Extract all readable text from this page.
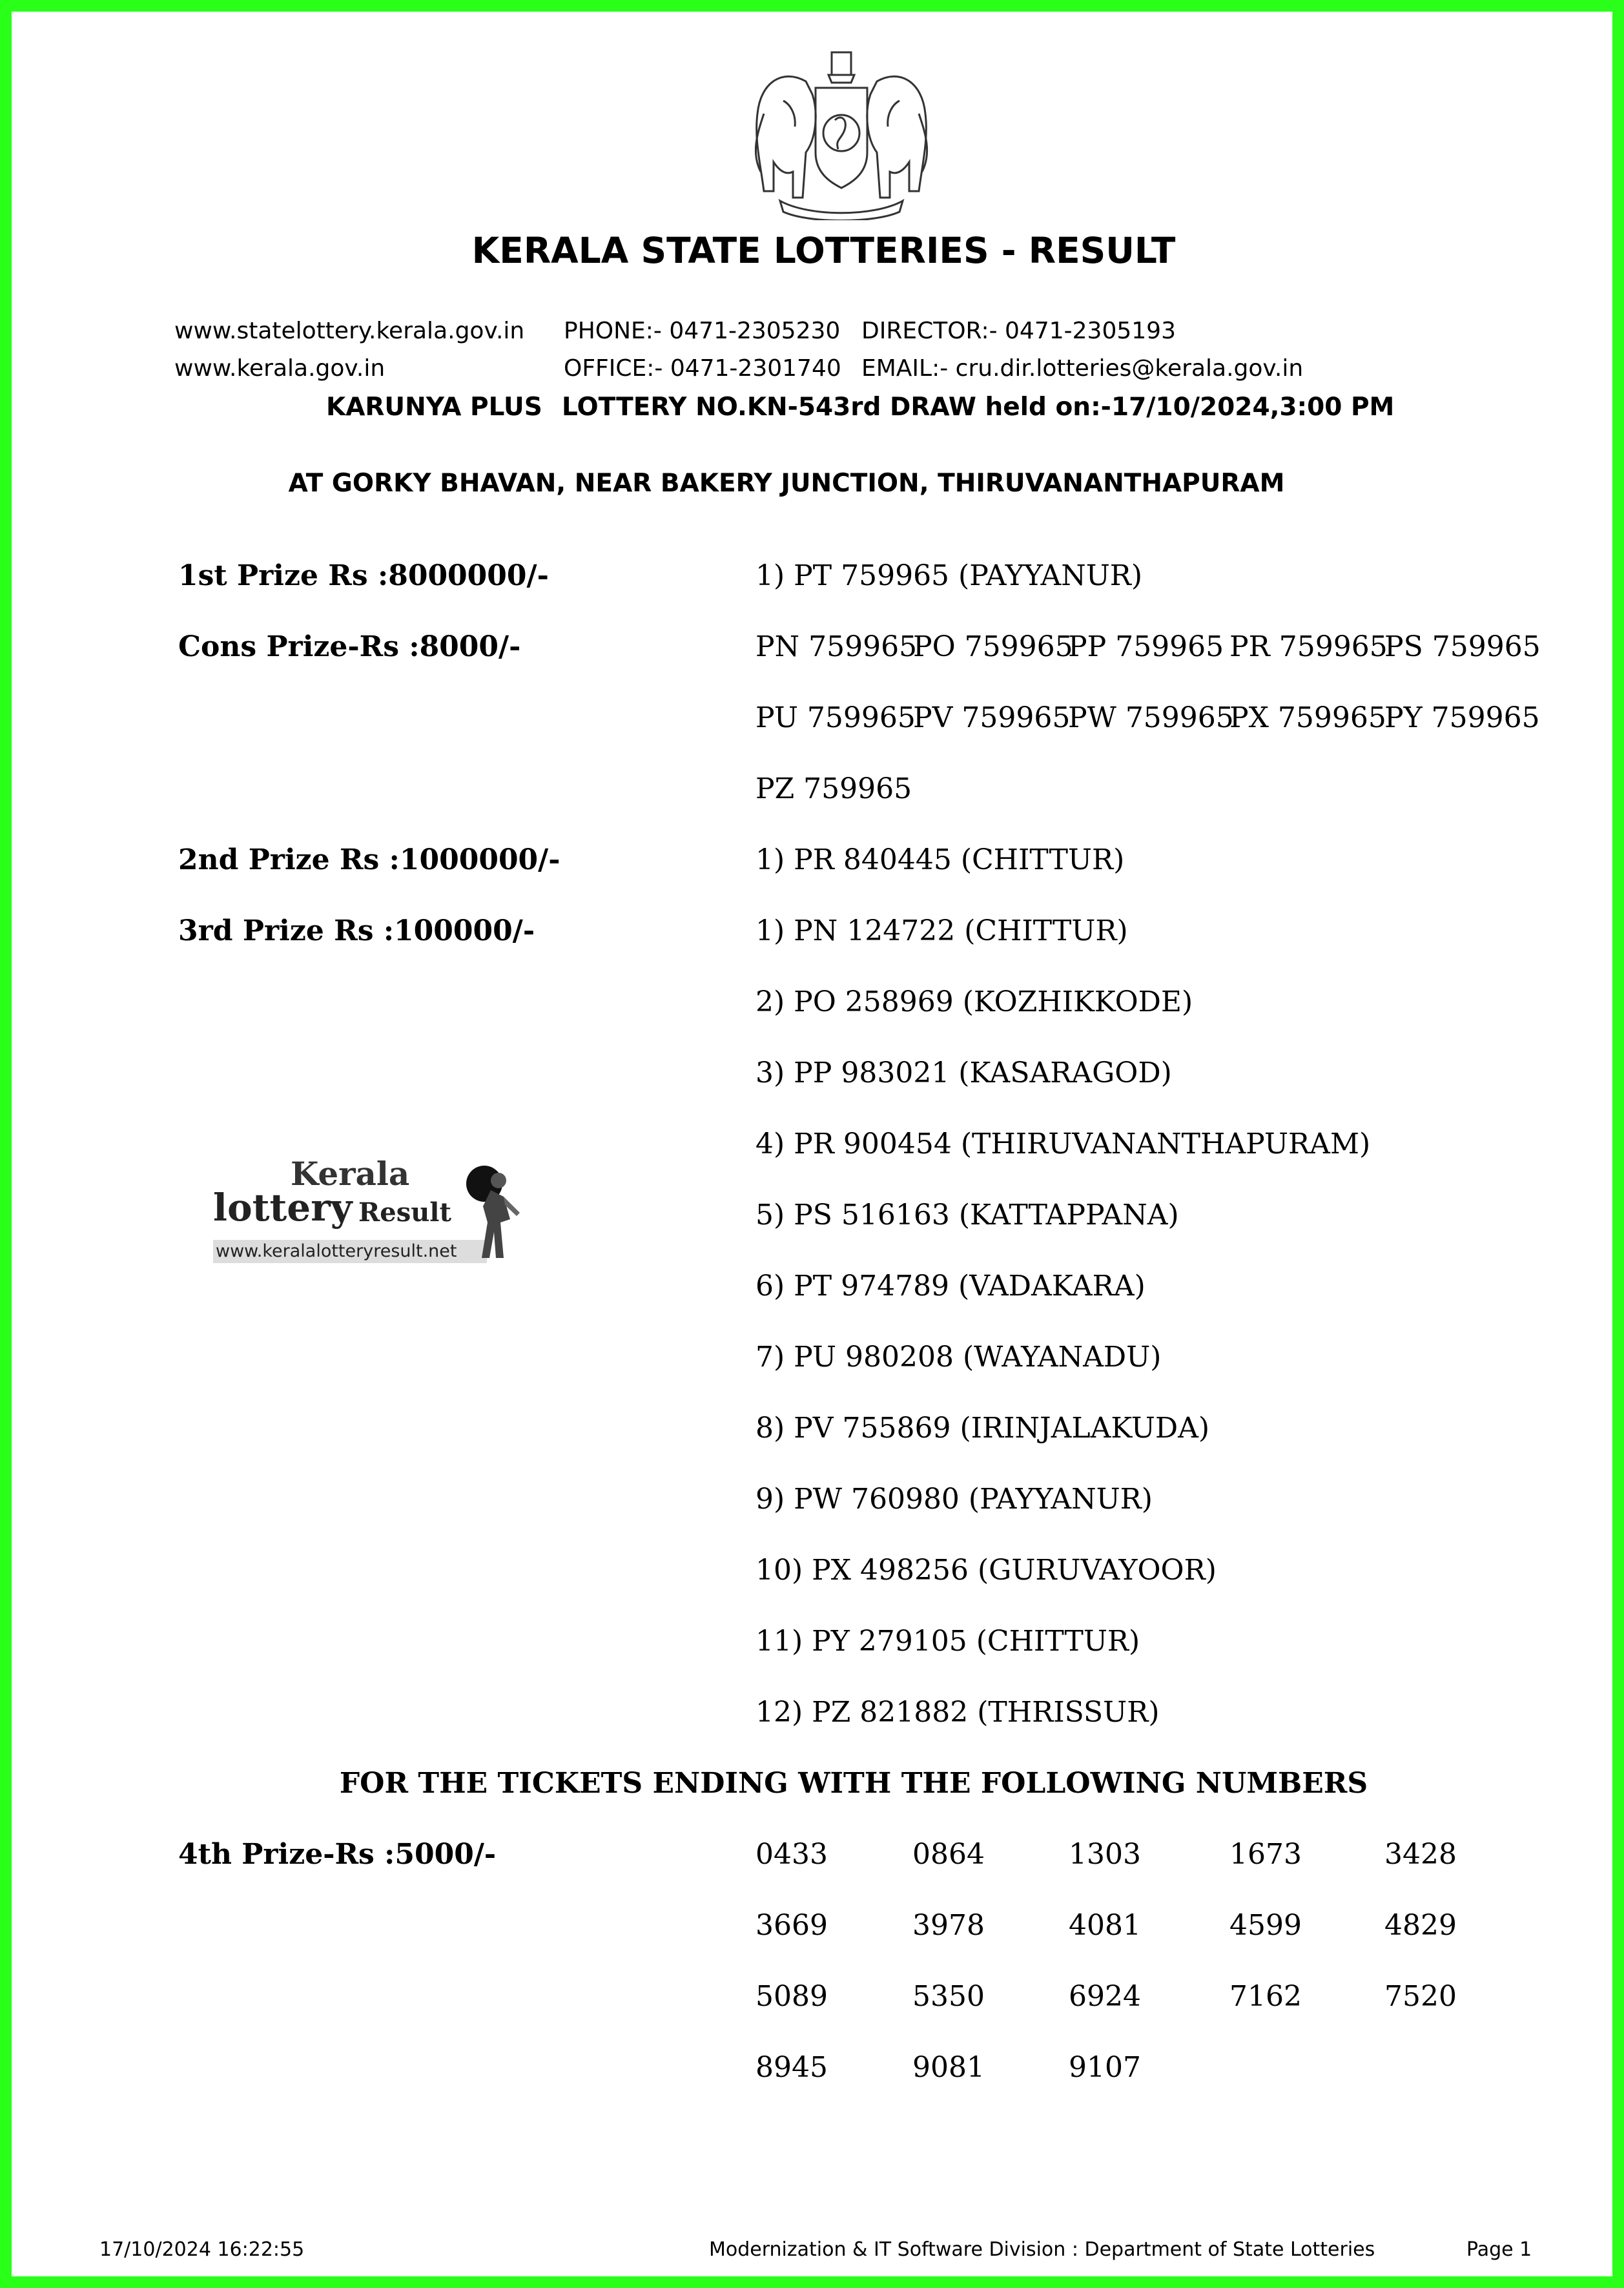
KERALA STATE LOTTERIES - RESULT
www.statelottery.kerala.gov.in
www.kerala.gov.in
PHONE:- 0471-2305230
OFFICE:- 0471-2301740
DIRECTOR:- 0471-2305193
EMAIL:- cru.dir.lotteries@kerala.gov.in
KARUNYA PLUS LOTTERY NO.KN-543rd DRAW held on:- 17/10/2024,3:00 PM
AT GORKY BHAVAN, NEAR BAKERY JUNCTION, THIRUVANANTHAPURAM
1st Prize Rs :8000000/-	1) PT 759965 (PAYYANUR)
Cons Prize-Rs :8000/-	PN 759965
PO 759965
PP 759965 PR 759965
PS 759965
PU 759965
PV 759965
PW 759965
PX 759965
PY 759965
PZ 759965
2nd Prize Rs :1000000/-	1) PR 840445 (CHITTUR)
3rd Prize Rs :100000/-	1) PN 124722 (CHITTUR)
2) PO 258969 (KOZHIKKODE)
3) PP 983021 (KASARAGOD)
4) PR 900454 (THIRUVANANTHAPURAM)
5) PS 516163 (KATTAPPANA)
6) PT 974789 (VADAKARA)
7) PU 980208 (WAYANADU)
8) PV 755869 (IRINJALAKUDA)
9) PW 760980 (PAYYANUR)
10) PX 498256 (GURUVAYOOR)
11) PY 279105 (CHITTUR)
12) PZ 821882 (THRISSUR)
Kerala
lottery Result
www.keralalotteryresult.net
FOR THE TICKETS ENDING WITH THE FOLLOWING NUMBERS
4th Prize-Rs :5000/-	0433	0864	1303	1673	3428
3669	3978	4081	4599	4829
5089	5350	6924	7162	7520
8945	9081	9107
17/10/2024 16:22:55	Modernization & IT Software Division : Department of State Lotteries	Page 1
